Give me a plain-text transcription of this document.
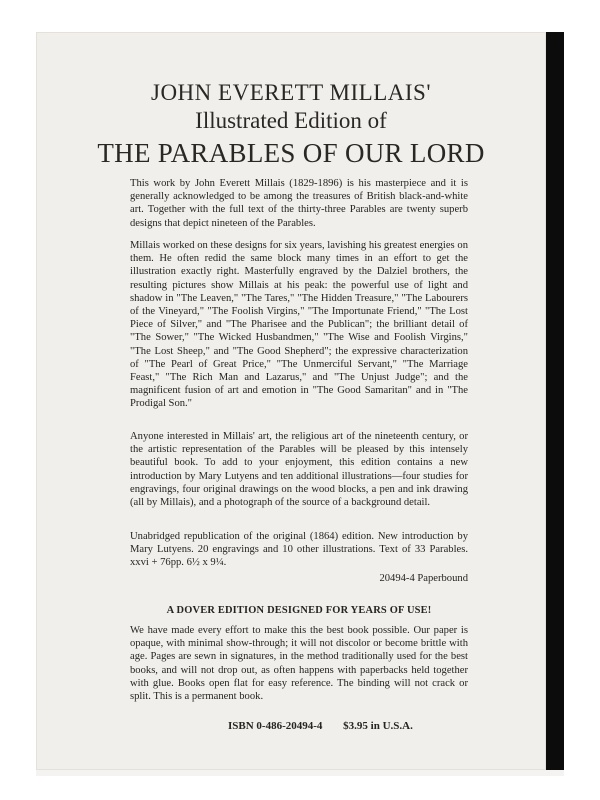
JOHN EVERETT MILLAIS'
Illustrated Edition of
THE PARABLES OF OUR LORD

This work by John Everett Millais (1829-1896) is his masterpiece and it is generally acknowledged to be among the treasures of British black-and-white art. Together with the full text of the thirty-three Parables are twenty superb designs that depict nineteen of the Parables.

Millais worked on these designs for six years, lavishing his greatest energies on them. He often redid the same block many times in an effort to get the illustration exactly right. Masterfully engraved by the Dalziel brothers, the resulting pictures show Millais at his peak: the powerful use of light and shadow in "The Leaven," "The Tares," "The Hidden Treasure," "The Labourers of the Vineyard," "The Foolish Virgins," "The Importunate Friend," "The Lost Piece of Silver," and "The Pharisee and the Publican"; the brilliant detail of "The Sower," "The Wicked Husbandmen," "The Wise and Foolish Virgins," "The Lost Sheep," and "The Good Shepherd"; the expressive characterization of "The Pearl of Great Price," "The Unmerciful Servant," "The Marriage Feast," "The Rich Man and Lazarus," and "The Unjust Judge"; and the magnificent fusion of art and emotion in "The Good Samaritan" and in "The Prodigal Son."

Anyone interested in Millais' art, the religious art of the nineteenth century, or the artistic representation of the Parables will be pleased by this intensely beautiful book. To add to your enjoyment, this edition contains a new introduction by Mary Lutyens and ten additional illustrations—four studies for engravings, four original drawings on the wood blocks, a pen and ink drawing (all by Millais), and a photograph of the source of a background detail.

Unabridged republication of the original (1864) edition. New introduction by Mary Lutyens. 20 engravings and 10 other illustrations. Text of 33 Parables. xxvi + 76pp. 6½ x 9¼.

20494-4 Paperbound
A DOVER EDITION DESIGNED FOR YEARS OF USE!

We have made every effort to make this the best book possible. Our paper is opaque, with minimal show-through; it will not discolor or become brittle with age. Pages are sewn in signatures, in the method traditionally used for the best books, and will not drop out, as often happens with paperbacks held together with glue. Books open flat for easy reference. The binding will not crack or split. This is a permanent book.

ISBN 0-486-20494-4 $3.95 in U.S.A.
